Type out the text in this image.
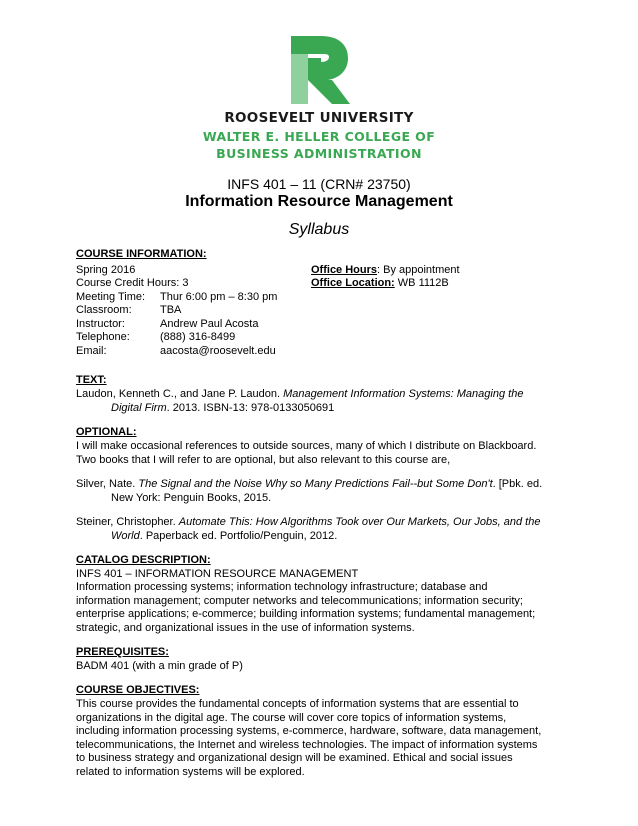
ROOSEVELT UNIVERSITY
WALTER E. HELLER COLLEGE OF
BUSINESS ADMINISTRATION
INFS 401 – 11 (CRN# 23750)
Information Resource Management
Syllabus
COURSE INFORMATION:
Spring 2016	Office Hours: By appointment
Course Credit Hours: 3	Office Location: WB 1112B
Meeting Time: Thur 6:00 pm – 8:30 pm
Classroom:	TBA
Instructor:	Andrew Paul Acosta
Telephone:	(888) 316-8499
Email:	aacosta@roosevelt.edu
TEXT:
Laudon, Kenneth C., and Jane P. Laudon. Management Information Systems: Managing the
Digital Firm. 2013. ISBN-13: 978-0133050691
OPTIONAL:
I will make occasional references to outside sources, many of which I distribute on Blackboard.
Two books that I will refer to are optional, but also relevant to this course are,
Silver, Nate. The Signal and the Noise Why so Many Predictions Fail--but Some Don't. [Pbk. ed.
New York: Penguin Books, 2015.
Steiner, Christopher. Automate This: How Algorithms Took over Our Markets, Our Jobs, and the
World. Paperback ed. Portfolio/Penguin, 2012.
CATALOG DESCRIPTION:
INFS 401 – INFORMATION RESOURCE MANAGEMENT
Information processing systems; information technology infrastructure; database and
information management; computer networks and telecommunications; information security;
enterprise applications; e-commerce; building information systems; fundamental management;
strategic, and organizational issues in the use of information systems.
PREREQUISITES:
BADM 401 (with a min grade of P)
COURSE OBJECTIVES:
This course provides the fundamental concepts of information systems that are essential to
organizations in the digital age. The course will cover core topics of information systems,
including information processing systems, e-commerce, hardware, software, data management,
telecommunications, the Internet and wireless technologies. The impact of information systems
to business strategy and organizational design will be examined. Ethical and social issues
related to information systems will be explored.
